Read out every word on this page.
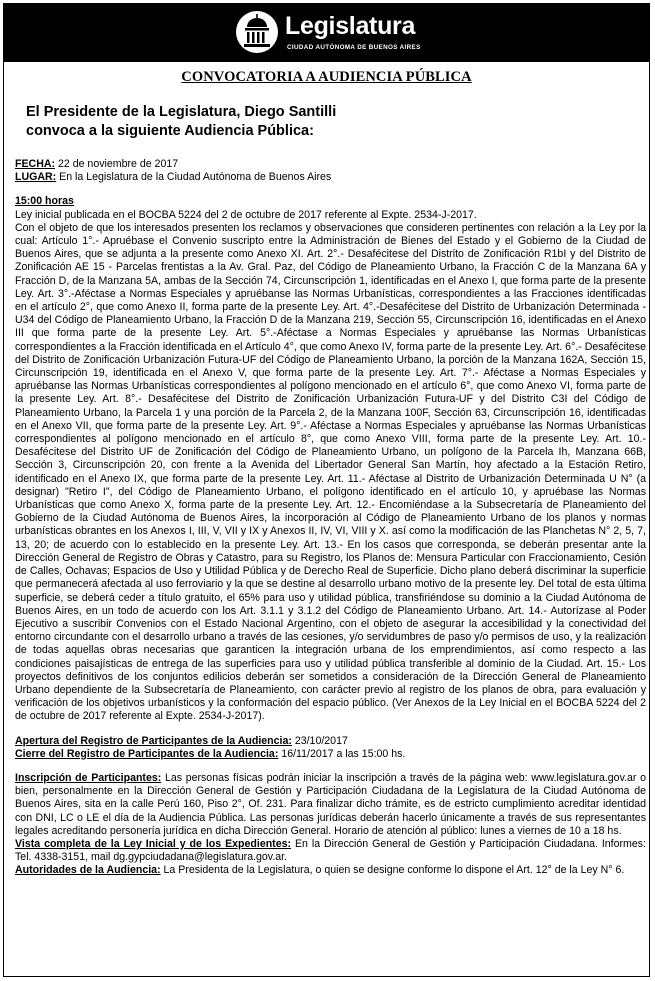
Legislatura
CIUDAD AUTÓNOMA DE BUENOS AIRES
CONVOCATORIA A AUDIENCIA PÚBLICA
El Presidente de la Legislatura, Diego Santilli
convoca a la siguiente Audiencia Pública:

FECHA: 22 de noviembre de 2017

LUGAR: En la Legislatura de la Ciudad Autónoma de Buenos Aires

15:00 horas

Ley inicial publicada en el BOCBA 5224 del 2 de octubre de 2017 referente al Expte. 2534-J-2017.

Con el objeto de que los interesados presenten los reclamos y observaciones que consideren pertinentes con relación a la Ley por la cual: Artículo 1°.- Apruébase el Convenio suscripto entre la Administración de Bienes del Estado y el Gobierno de la Ciudad de Buenos Aires, que se adjunta a la presente como Anexo XI. Art. 2°.- Desafécitese del Distrito de Zonificación R1bI y del Distrito de Zonificación AE 15 - Parcelas frentistas a la Av. Gral. Paz, del Código de Planeamiento Urbano, la Fracción C de la Manzana 6A y Fracción D, de la Manzana 5A, ambas de la Sección 74, Circunscripción 1, identificadas en el Anexo I, que forma parte de la presente Ley. Art. 3°.-Aféctase a Normas Especiales y apruébanse las Normas Urbanísticas, correspondientes a las Fracciones identificadas en el artículo 2°, que como Anexo II, forma parte de la presente Ley. Art. 4°.-Desafécitese del Distrito de Urbanización Determinada - U34 del Código de Planeamiento Urbano, la Fracción D de la Manzana 219, Sección 55, Circunscripción 16, identificadas en el Anexo III que forma parte de la presente Ley. Art. 5°.-Aféctase a Normas Especiales y apruébanse las Normas Urbanísticas correspondientes a la Fracción identificada en el Artículo 4°, que como Anexo IV, forma parte de la presente Ley. Art. 6°.- Desafécitese del Distrito de Zonificación Urbanización Futura-UF del Código de Planeamiento Urbano, la porción de la Manzana 162A, Sección 15, Circunscripción 19, identificada en el Anexo V, que forma parte de la presente Ley. Art. 7°.- Aféctase a Normas Especiales y apruébanse las Normas Urbanísticas correspondientes al polígono mencionado en el artículo 6°, que como Anexo VI, forma parte de la presente Ley. Art. 8°.- Desafécitese del Distrito de Zonificación Urbanización Futura-UF y del Distrito C3I del Código de Planeamiento Urbano, la Parcela 1 y una porción de la Parcela 2, de la Manzana 100F, Sección 63, Circunscripción 16, identificadas en el Anexo VII, que forma parte de la presente Ley. Art. 9°.- Aféctase a Normas Especiales y apruébanse las Normas Urbanísticas correspondientes al polígono mencionado en el artículo 8°, que como Anexo VIII, forma parte de la presente Ley. Art. 10.- Desafécitese del Distrito UF de Zonificación del Código de Planeamiento Urbano, un polígono de la Parcela Ih, Manzana 66B, Sección 3, Circunscripción 20, con frente a la Avenida del Libertador General San Martín, hoy afectado a la Estación Retiro, identificado en el Anexo IX, que forma parte de la presente Ley. Art. 11.- Aféctase al Distrito de Urbanización Determinada U N° (a designar) "Retiro I", del Código de Planeamiento Urbano, el polígono identificado en el artículo 10, y apruébase las Normas Urbanísticas que como Anexo X, forma parte de la presente Ley. Art. 12.- Encomiéndase a la Subsecretaría de Planeamiento del Gobierno de la Ciudad Autónoma de Buenos Aires, la incorporación al Código de Planeamiento Urbano de los planos y normas urbanísticas obrantes en los Anexos I, III, V, VII y IX y Anexos II, IV, VI, VIII y X. así como la modificación de las Planchetas N° 2, 5, 7, 13, 20; de acuerdo con lo establecido en la presente Ley. Art. 13.- En los casos que corresponda, se deberán presentar ante la Dirección General de Registro de Obras y Catastro, para su Registro, los Planos de: Mensura Particular con Fraccionamiento, Cesión de Calles, Ochavas; Espacios de Uso y Utilidad Pública y de Derecho Real de Superficie. Dicho plano deberá discriminar la superficie que permanecerá afectada al uso ferroviario y la que se destine al desarrollo urbano motivo de la presente ley. Del total de esta última superficie, se deberá ceder a título gratuito, el 65% para uso y utilidad pública, transfiriéndose su dominio a la Ciudad Autónoma de Buenos Aires, en un todo de acuerdo con los Art. 3.1.1 y 3.1.2 del Código de Planeamiento Urbano. Art. 14.- Autorízase al Poder Ejecutivo a suscribir Convenios con el Estado Nacional Argentino, con el objeto de asegurar la accesibilidad y la conectividad del entorno circundante con el desarrollo urbano a través de las cesiones, y/o servidumbres de paso y/o permisos de uso, y la realización de todas aquellas obras necesarias que garanticen la integración urbana de los emprendimientos, así como respecto a las condiciones paisajísticas de entrega de las superficies para uso y utilidad pública transferible al dominio de la Ciudad. Art. 15.- Los proyectos definitivos de los conjuntos edilicios deberán ser sometidos a consideración de la Dirección General de Planeamiento Urbano dependiente de la Subsecretaría de Planeamiento, con carácter previo al registro de los planos de obra, para evaluación y verificación de los objetivos urbanísticos y la conformación del espacio público. (Ver Anexos de la Ley Inicial en el BOCBA 5224 del 2 de octubre de 2017 referente al Expte. 2534-J-2017).

Apertura del Registro de Participantes de la Audiencia: 23/10/2017

Cierre del Registro de Participantes de la Audiencia: 16/11/2017 a las 15:00 hs.

Inscripción de Participantes: Las personas físicas podrán iniciar la inscripción a través de la página web: www.legislatura.gov.ar o bien, personalmente en la Dirección General de Gestión y Participación Ciudadana de la Legislatura de la Ciudad Autónoma de Buenos Aires, sita en la calle Perú 160, Piso 2°, Of. 231. Para finalizar dicho trámite, es de estricto cumplimiento acreditar identidad con DNI, LC o LE el día de la Audiencia Pública. Las personas jurídicas deberán hacerlo únicamente a través de sus representantes legales acreditando personería jurídica en dicha Dirección General. Horario de atención al público: lunes a viernes de 10 a 18 hs.

Vista completa de la Ley Inicial y de los Expedientes: En la Dirección General de Gestión y Participación Ciudadana. Informes: Tel. 4338-3151, mail dg.gypciudadana@legislatura.gov.ar.

Autoridades de la Audiencia: La Presidenta de la Legislatura, o quien se designe conforme lo dispone el Art. 12° de la Ley N° 6.
